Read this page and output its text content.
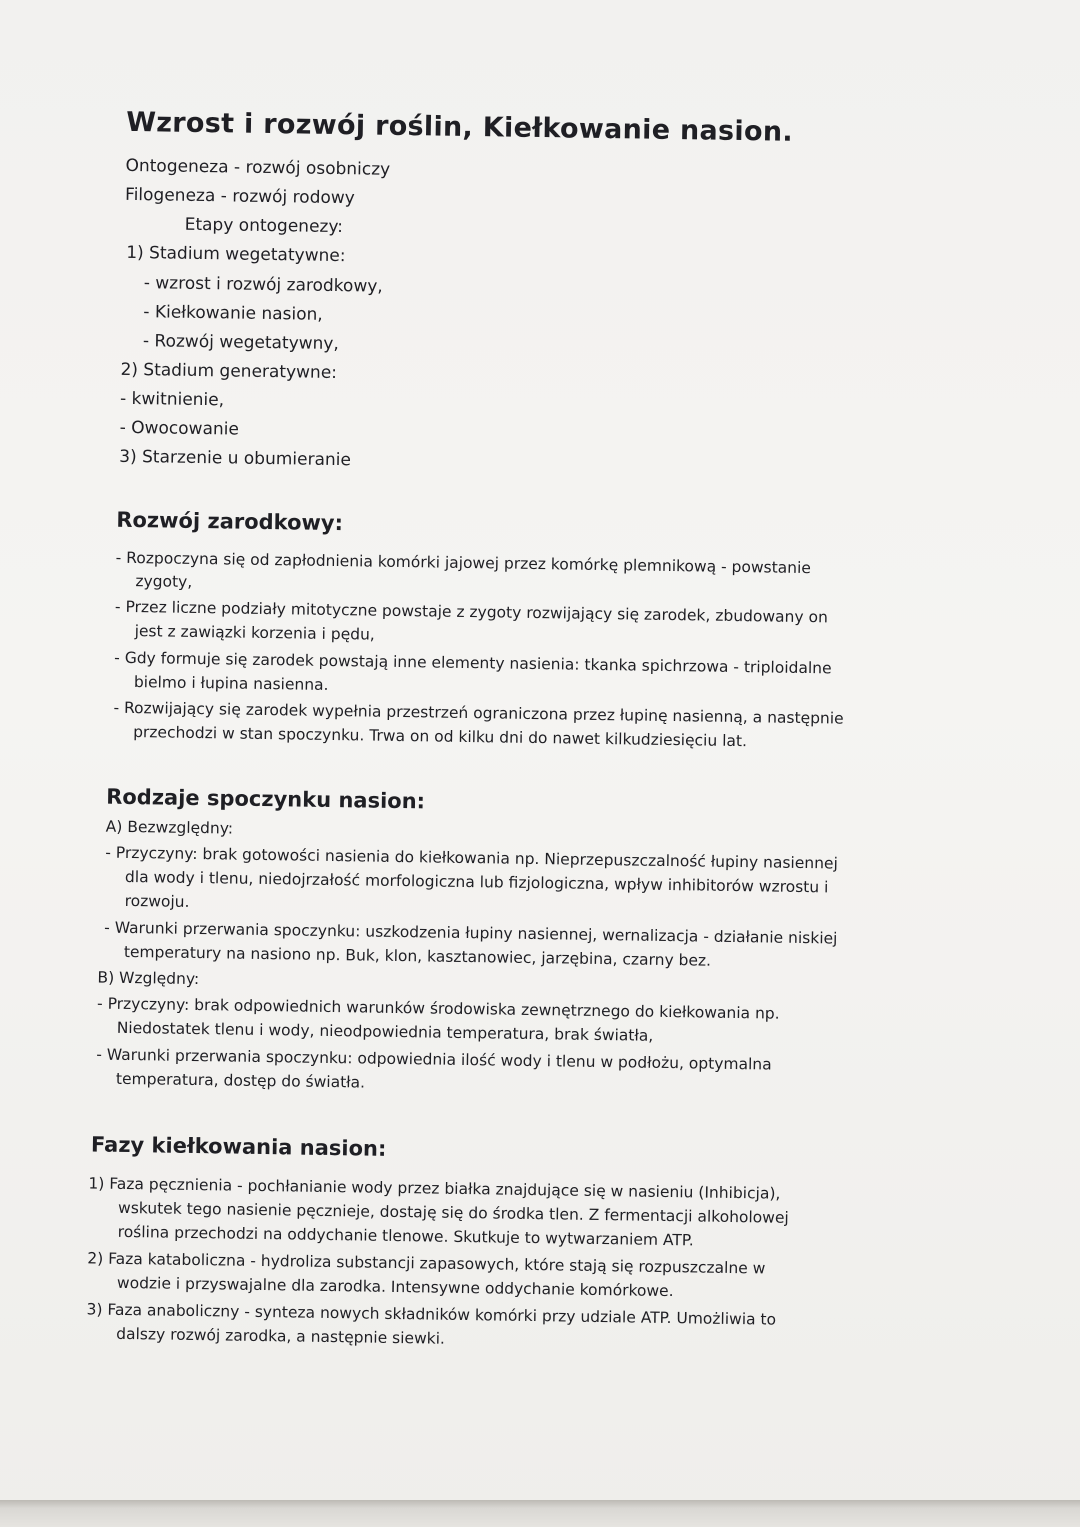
Wzrost i rozwój roślin, Kiełkowanie nasion.
Ontogeneza - rozwój osobniczy
Filogeneza - rozwój rodowy
Etapy ontogenezy:
1) Stadium wegetatywne:
- wzrost i rozwój zarodkowy,
- Kiełkowanie nasion,
- Rozwój wegetatywny,
2) Stadium generatywne:
- kwitnienie,
- Owocowanie
3) Starzenie u obumieranie
Rozwój zarodkowy:
- Rozpoczyna się od zapłodnienia komórki jajowej przez komórkę plemnikową - powstanie
zygoty,
- Przez liczne podziały mitotyczne powstaje z zygoty rozwijający się zarodek, zbudowany on
jest z zawiązki korzenia i pędu,
- Gdy formuje się zarodek powstają inne elementy nasienia: tkanka spichrzowa - triploidalne
bielmo i łupina nasienna.
- Rozwijający się zarodek wypełnia przestrzeń ograniczona przez łupinę nasienną, a następnie
przechodzi w stan spoczynku. Trwa on od kilku dni do nawet kilkudziesięciu lat.
Rodzaje spoczynku nasion:
A) Bezwzględny:
- Przyczyny: brak gotowości nasienia do kiełkowania np. Nieprzepuszczalność łupiny nasiennej
dla wody i tlenu, niedojrzałość morfologiczna lub fizjologiczna, wpływ inhibitorów wzrostu i
rozwoju.
- Warunki przerwania spoczynku: uszkodzenia łupiny nasiennej, wernalizacja - działanie niskiej
temperatury na nasiono np. Buk, klon, kasztanowiec, jarzębina, czarny bez.
B) Względny:
- Przyczyny: brak odpowiednich warunków środowiska zewnętrznego do kiełkowania np.
Niedostatek tlenu i wody, nieodpowiednia temperatura, brak światła,
- Warunki przerwania spoczynku: odpowiednia ilość wody i tlenu w podłożu, optymalna
temperatura, dostęp do światła.
Fazy kiełkowania nasion:
1) Faza pęcznienia - pochłanianie wody przez białka znajdujące się w nasieniu (Inhibicja),
wskutek tego nasienie pęcznieje, dostaję się do środka tlen. Z fermentacji alkoholowej
roślina przechodzi na oddychanie tlenowe. Skutkuje to wytwarzaniem ATP.
2) Faza kataboliczna - hydroliza substancji zapasowych, które stają się rozpuszczalne w
wodzie i przyswajalne dla zarodka. Intensywne oddychanie komórkowe.
3) Faza anaboliczny - synteza nowych składników komórki przy udziale ATP. Umożliwia to
dalszy rozwój zarodka, a następnie siewki.
